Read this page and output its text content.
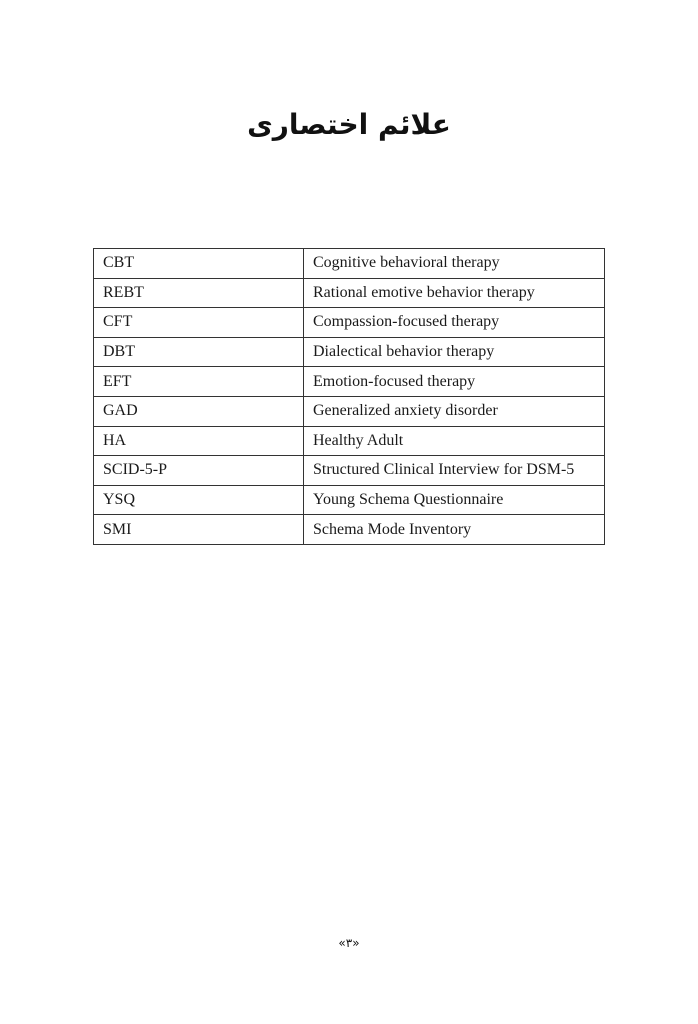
علائم اختصاری
CBT	Cognitive behavioral therapy
REBT	Rational emotive behavior therapy
CFT	Compassion-focused therapy
DBT	Dialectical behavior therapy
EFT	Emotion-focused therapy
GAD	Generalized anxiety disorder
HA	Healthy Adult
SCID-5-P	Structured Clinical Interview for DSM-5
YSQ	Young Schema Questionnaire
SMI	Schema Mode Inventory
«۳»
